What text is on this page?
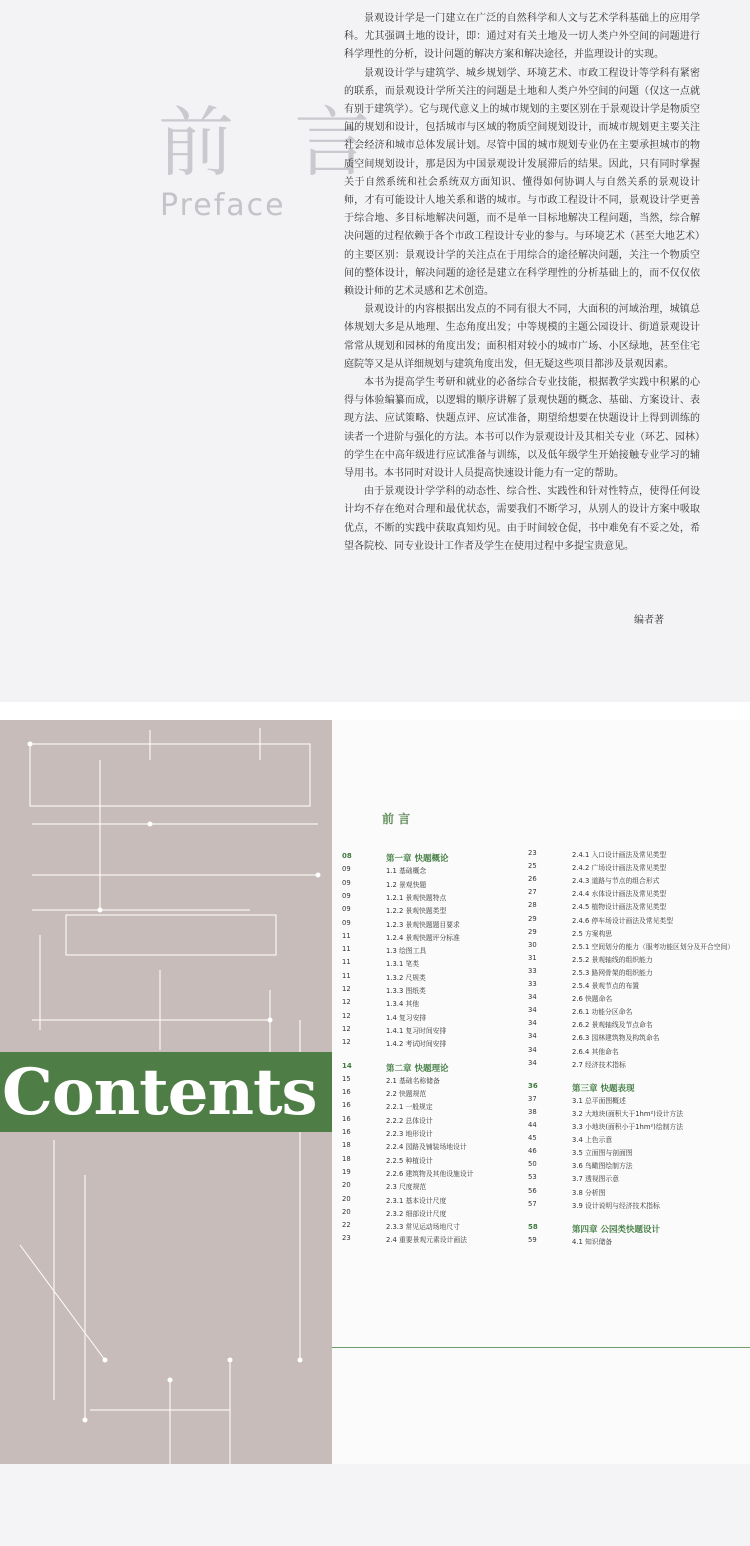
前 言
Preface

景观设计学是一门建立在广泛的自然科学和人文与艺术学科基础上的应用学科。尤其强调土地的设计，即：通过对有关土地及一切人类户外空间的问题进行科学理性的分析，设计问题的解决方案和解决途径，并监理设计的实现。

景观设计学与建筑学、城乡规划学、环境艺术、市政工程设计等学科有紧密的联系，而景观设计学所关注的问题是土地和人类户外空间的问题（仅这一点就有别于建筑学）。它与现代意义上的城市规划的主要区别在于景观设计学是物质空间的规划和设计，包括城市与区域的物质空间规划设计，而城市规划更主要关注社会经济和城市总体发展计划。尽管中国的城市规划专业仍在主要承担城市的物质空间规划设计，那是因为中国景观设计发展滞后的结果。因此，只有同时掌握关于自然系统和社会系统双方面知识、懂得如何协调人与自然关系的景观设计师，才有可能设计人地关系和谐的城市。与市政工程设计不同，景观设计学更善于综合地、多目标地解决问题，而不是单一目标地解决工程问题，当然，综合解决问题的过程依赖于各个市政工程设计专业的参与。与环境艺术（甚至大地艺术）的主要区别：景观设计学的关注点在于用综合的途径解决问题，关注一个物质空间的整体设计，解决问题的途径是建立在科学理性的分析基础上的，而不仅仅依赖设计师的艺术灵感和艺术创造。

景观设计的内容根据出发点的不同有很大不同，大面积的河域治理，城镇总体规划大多是从地理、生态角度出发；中等规模的主题公园设计、街道景观设计常常从规划和园林的角度出发；面积相对较小的城市广场、小区绿地，甚至住宅庭院等又是从详细规划与建筑角度出发，但无疑这些项目都涉及景观因素。

本书为提高学生考研和就业的必备综合专业技能，根据教学实践中积累的心得与体验编纂而成，以逻辑的顺序讲解了景观快题的概念、基础、方案设计、表现方法、应试策略、快题点评、应试准备，期望给想要在快题设计上得到训练的读者一个进阶与强化的方法。本书可以作为景观设计及其相关专业（环艺、园林）的学生在中高年级进行应试准备与训练，以及低年级学生开始接触专业学习的辅导用书。本书同时对设计人员提高快速设计能力有一定的帮助。

由于景观设计学学科的动态性、综合性、实践性和针对性特点，使得任何设计均不存在绝对合理和最优状态，需要我们不断学习，从别人的设计方案中吸取优点，不断的实践中获取真知灼见。由于时间较仓促，书中难免有不妥之处，希望各院校、同专业设计工作者及学生在使用过程中多提宝贵意见。

编者著
Contents
前 言
08	第一章 快题概论
09	1.1 基础概念
09	1.2 景观快题
09	1.2.1 景观快题特点
09	1.2.2 景观快题类型
09	1.2.3 景观快题题目要求
11	1.2.4 景观快题评分标准
11	1.3 绘图工具
11	1.3.1 笔类
11	1.3.2 尺规类
12	1.3.3 图纸类
12	1.3.4 其他
12	1.4 复习安排
12	1.4.1 复习时间安排
12	1.4.2 考试时间安排
14	第二章 快题理论
15	2.1 基础名称储备
16	2.2 快题规范
16	2.2.1 一般规定
16	2.2.2 总体设计
16	2.2.3 地形设计
18	2.2.4 园路及铺装场地设计
18	2.2.5 种植设计
19	2.2.6 建筑物及其他设施设计
20	2.3 尺度规范
20	2.3.1 基本设计尺度
20	2.3.2 细部设计尺度
22	2.3.3 常见运动场地尺寸
23	2.4 重要景观元素设计画法
23	2.4.1 入口设计画法及常见类型
25	2.4.2 广场设计画法及常见类型
26	2.4.3 道路与节点的组合形式
27	2.4.4 水体设计画法及常见类型
28	2.4.5 植物设计画法及常见类型
29	2.4.6 停车场设计画法及常见类型
29	2.5 方案构思
30	2.5.1 空间划分的能力（服考功能区划分及开合空间）
31	2.5.2 景观轴线的组织能力
33	2.5.3 路网骨架的组织能力
33	2.5.4 景观节点的布置
34	2.6 快题命名
34	2.6.1 功能分区命名
34	2.6.2 景观轴线及节点命名
34	2.6.3 园林建筑物及构筑命名
34	2.6.4 其他命名
34	2.7 经济技术指标
36	第三章 快题表现
37	3.1 总平面图概述
38	3.2 大地块(面积大于1hm²)设计方法
44	3.3 小地块(面积小于1hm²)绘制方法
45	3.4 上色示意
46	3.5 立面图与剖面图
50	3.6 鸟瞰图绘制方法
53	3.7 透视图示意
56	3.8 分析图
57	3.9 设计说明与经济技术指标
58	第四章 公园类快题设计
59	4.1 知识储备
